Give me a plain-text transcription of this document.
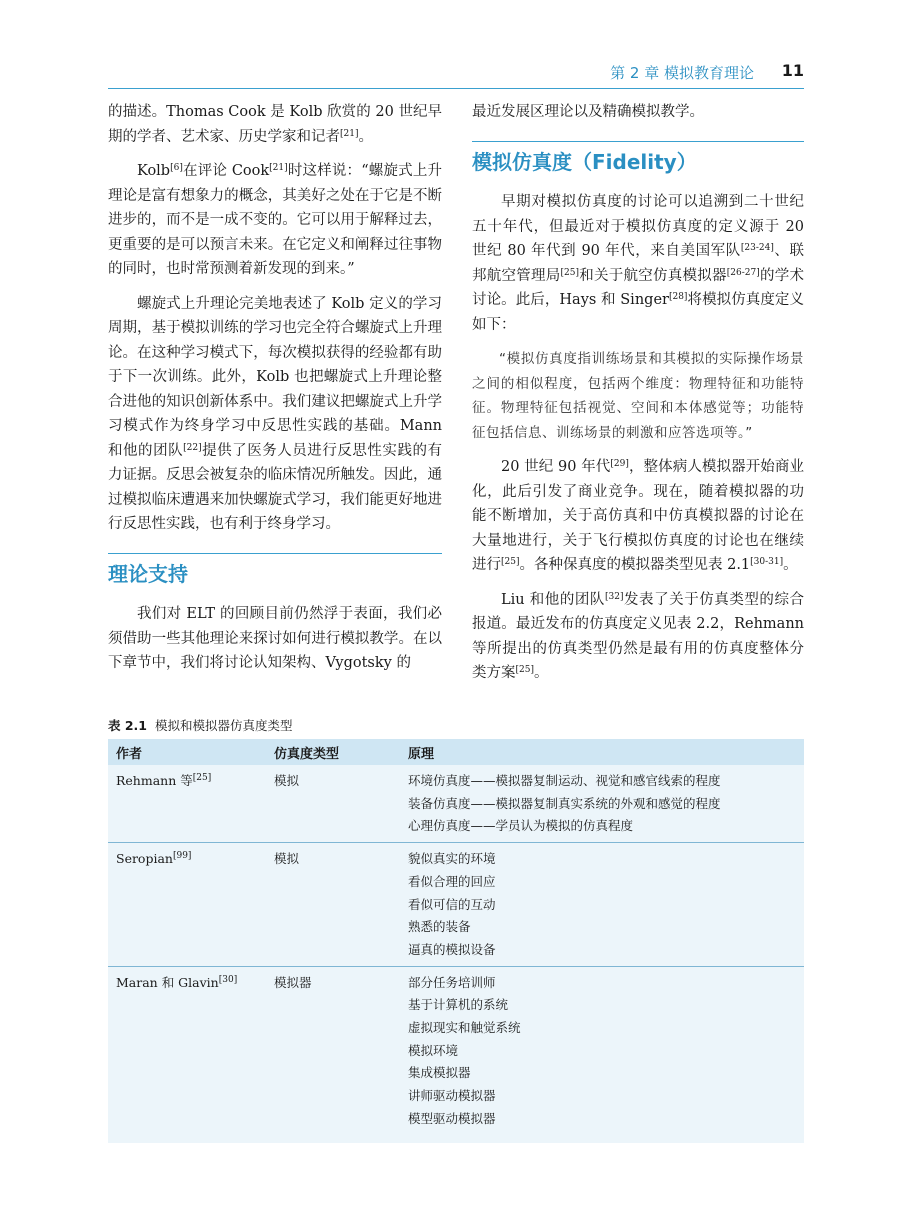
第 2 章 模拟教育理论 11

的描述。Thomas Cook 是 Kolb 欣赏的 20 世纪早期的学者、艺术家、历史学家和记者[21]。

Kolb[6]在评论 Cook[21]时这样说：“螺旋式上升理论是富有想象力的概念，其美好之处在于它是不断进步的，而不是一成不变的。它可以用于解释过去，更重要的是可以预言未来。在它定义和阐释过往事物的同时，也时常预测着新发现的到来。”

螺旋式上升理论完美地表述了 Kolb 定义的学习周期，基于模拟训练的学习也完全符合螺旋式上升理论。在这种学习模式下，每次模拟获得的经验都有助于下一次训练。此外，Kolb 也把螺旋式上升理论整合进他的知识创新体系中。我们建议把螺旋式上升学习模式作为终身学习中反思性实践的基础。Mann 和他的团队[22]提供了医务人员进行反思性实践的有力证据。反思会被复杂的临床情况所触发。因此，通过模拟临床遭遇来加快螺旋式学习，我们能更好地进行反思性实践，也有利于终身学习。

理论支持

我们对 ELT 的回顾目前仍然浮于表面，我们必须借助一些其他理论来探讨如何进行模拟教学。在以下章节中，我们将讨论认知架构、Vygotsky 的

最近发展区理论以及精确模拟教学。

模拟仿真度（Fidelity）

早期对模拟仿真度的讨论可以追溯到二十世纪五十年代，但最近对于模拟仿真度的定义源于 20 世纪 80 年代到 90 年代，来自美国军队[23-24]、联邦航空管理局[25]和关于航空仿真模拟器[26-27]的学术讨论。此后，Hays 和 Singer[28]将模拟仿真度定义如下：

“模拟仿真度指训练场景和其模拟的实际操作场景之间的相似程度，包括两个维度：物理特征和功能特征。物理特征包括视觉、空间和本体感觉等；功能特征包括信息、训练场景的刺激和应答选项等。”

20 世纪 90 年代[29]，整体病人模拟器开始商业化，此后引发了商业竞争。现在，随着模拟器的功能不断增加，关于高仿真和中仿真模拟器的讨论在大量地进行，关于飞行模拟仿真度的讨论也在继续进行[25]。各种保真度的模拟器类型见表 2.1[30-31]。

Liu 和他的团队[32]发表了关于仿真类型的综合报道。最近发布的仿真度定义见表 2.2，Rehmann 等所提出的仿真类型仍然是最有用的仿真度整体分类方案[25]。

表 2.1 模拟和模拟器仿真度类型
作者	仿真度类型	原理
Rehmann 等[25]	模拟	环境仿真度——模拟器复制运动、视觉和感官线索的程度
装备仿真度——模拟器复制真实系统的外观和感觉的程度
心理仿真度——学员认为模拟的仿真程度
Seropian[99]	模拟	貌似真实的环境
看似合理的回应
看似可信的互动
熟悉的装备
逼真的模拟设备
Maran 和 Glavin[30]	模拟器	部分任务培训师
基于计算机的系统
虚拟现实和触觉系统
模拟环境
集成模拟器
讲师驱动模拟器
模型驱动模拟器
